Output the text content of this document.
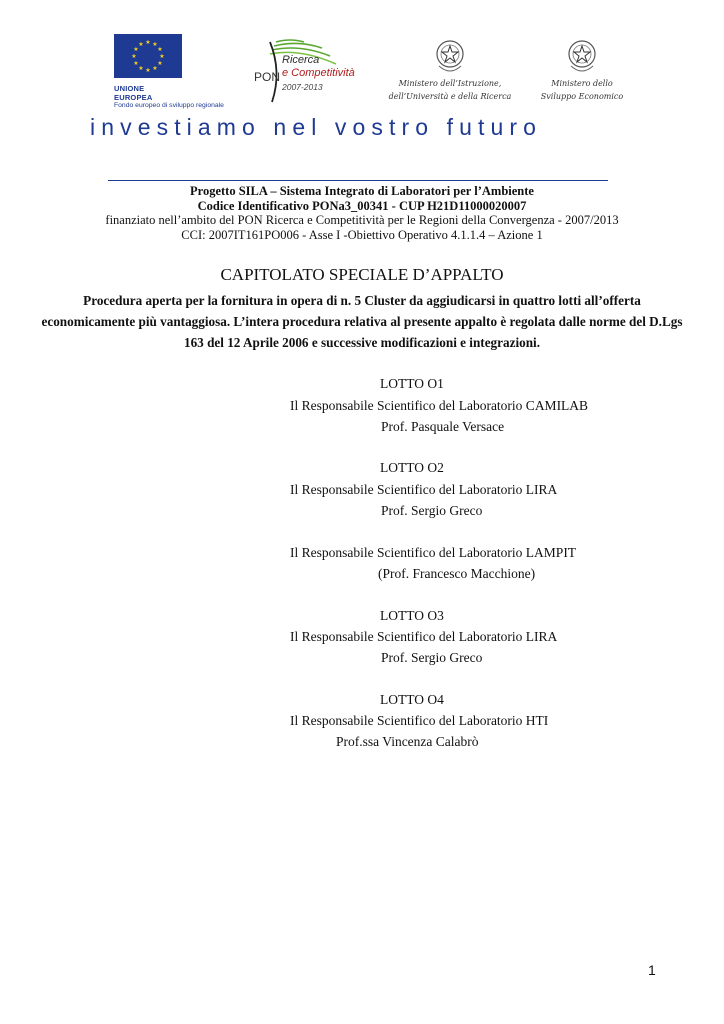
★ ★
★
★
★
★
★
★
★
★
★
★
UNIONE EUROPEA
Fondo europeo di sviluppo regionale
PON
Ricerca
e Competitività
2007-2013	Ministero dell’Istruzione,
dell’Università e della Ricerca
Ministero dello
Sviluppo Economico
investiamo nel vostro futuro
Progetto SILA – Sistema Integrato di Laboratori per l’Ambiente
Codice Identificativo PONa3_00341 - CUP H21D11000020007
finanziato nell’ambito del PON Ricerca e Competitività per le Regioni della Convergenza - 2007/2013
CCI: 2007IT161PO006 - Asse I -Obiettivo Operativo 4.1.1.4 – Azione 1
CAPITOLATO SPECIALE D’APPALTO
Procedura aperta per la fornitura in opera di n. 5 Cluster da aggiudicarsi in quattro lotti all’offerta economicamente più vantaggiosa. L’intera procedura relativa al presente appalto è regolata dalle norme del D.Lgs 163 del 12 Aprile 2006 e successive modificazioni e integrazioni.
LOTTO O1
Il Responsabile Scientifico del Laboratorio CAMILAB
Prof. Pasquale Versace
LOTTO O2
Il Responsabile Scientifico del Laboratorio LIRA
Prof. Sergio Greco
Il Responsabile Scientifico del Laboratorio LAMPIT
(Prof. Francesco Macchione)
LOTTO O3
Il Responsabile Scientifico del Laboratorio LIRA
Prof. Sergio Greco
LOTTO O4
Il Responsabile Scientifico del Laboratorio HTI
Prof.ssa Vincenza Calabrò
1
